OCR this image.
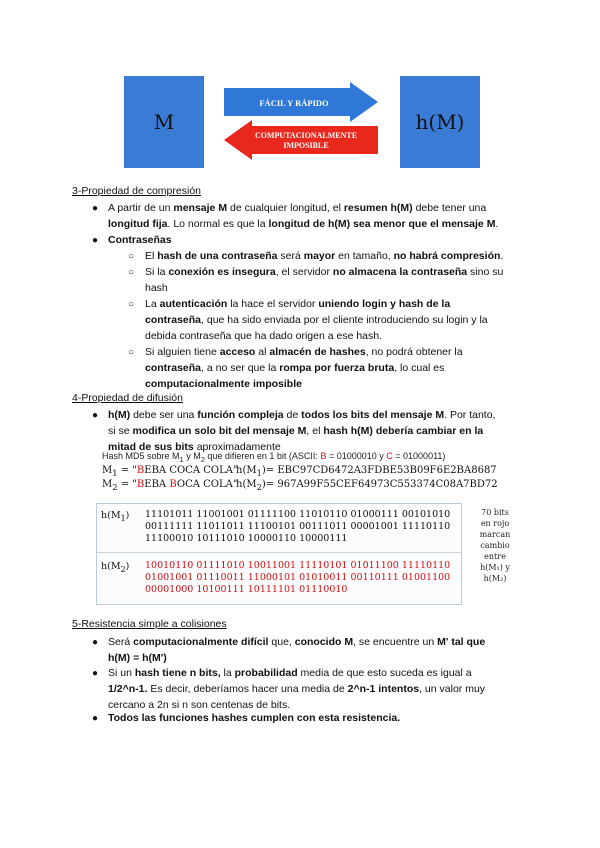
M	h(M)
FÁCIL Y RÁPIDO
COMPUTACIONALMENTE
IMPOSIBLE
3-Propiedad de compresión
● A partir de un mensaje M de cualquier longitud, el resumen h(M) debe tener una
longitud fija. Lo normal es que la longitud de h(M) sea menor que el mensaje M.
● Contraseñas
○ El hash de una contraseña será mayor en tamaño, no habrá compresión.
○ Si la conexión es insegura, el servidor no almacena la contraseña sino su
hash
○ La autenticación la hace el servidor uniendo login y hash de la
contraseña, que ha sido enviada por el cliente introduciendo su login y la
debida contraseña que ha dado origen a ese hash.
○ Si alguien tiene acceso al almacén de hashes, no podrá obtener la
contraseña, a no ser que la rompa por fuerza bruta, lo cual es
computacionalmente imposible
4-Propiedad de difusión
● h(M) debe ser una función compleja de todos los bits del mensaje M. Por tanto,
si se modifica un solo bit del mensaje M, el hash h(M) debería cambiar en la
mitad de sus bits aproximadamente
Hash MD5 sobre $M_1$ y $M_2$ que difieren en 1 bit (ASCII: B = 01000010 y C = 01000011)
$M_1$ = "BEBA COCA COLA"
$h(M_1)=$ EBC97CD6472A3FDBE53B09F6E2BA8687
$M_2$ = "BEBA BOCA COLA"
$h(M_2)= 967A99F55CEF64973C553374C08A7BD72$
$h(M_1)$ 11101011 11001001 01111100 11010110 01000111 00101010
00111111 11011011 11100101 00111011 00001001 11110110
11100010 10111010 10000110 10000111
$h(M_2)$ 10010110 01111010 10011001 11110101 01011100 11110110
01001001 01110011 11000101 01010011 00110111 01001100
00001000 10100111 10111101 01110010
70 bits
en rojo
marcan
cambio
entre
h(M₁) y
h(M₂)
5-Resistencia simple a colisiones
● Será computacionalmente difícil que, conocido M, se encuentre un M' tal que
h(M) = h(M')
● Si un hash tiene n bits, la probabilidad media de que esto suceda es igual a
1/2^n-1. Es decir, deberíamos hacer una media de 2^n-1 intentos, un valor muy
cercano a 2n si n son centenas de bits.
● Todos las funciones hashes cumplen con esta resistencia.
